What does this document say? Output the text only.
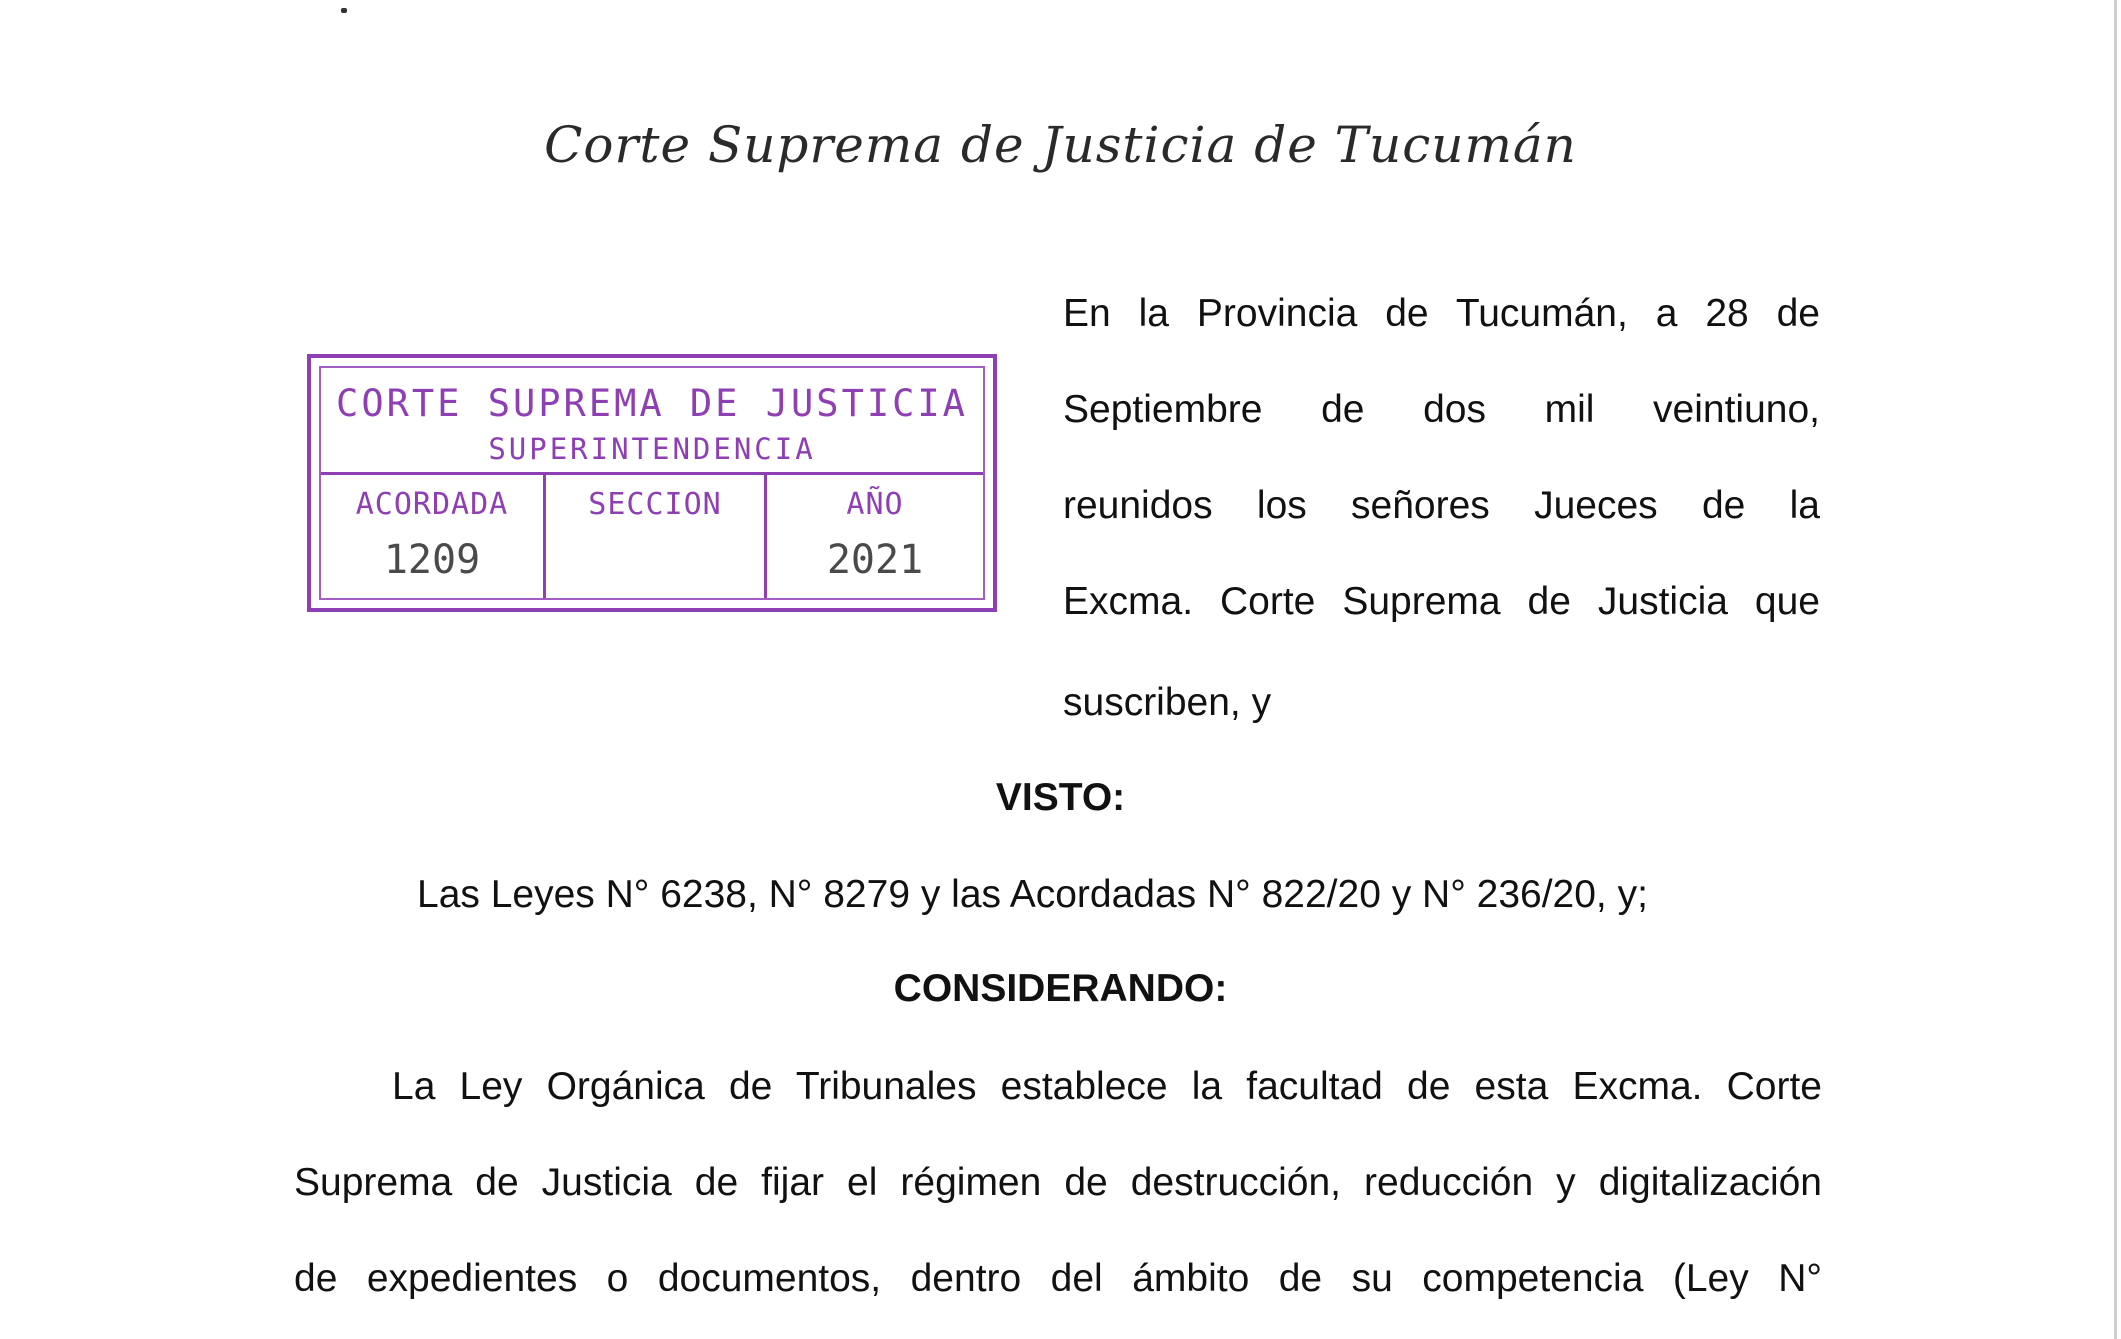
Corte Suprema de Justicia de Tucumán
CORTE SUPREMA DE JUSTICIA
SUPERINTENDENCIA
ACORDADA
1209
SECCION	AÑO
2021
En la Provincia de Tucumán, a 28 de
Septiembre de dos mil veintiuno,
reunidos los señores Jueces de la
Excma. Corte Suprema de Justicia que
suscriben, y
VISTO:
Las Leyes N° 6238, N° 8279 y las Acordadas N° 822/20 y N° 236/20, y;
CONSIDERANDO:
La Ley Orgánica de Tribunales establece la facultad de esta Excma. Corte
Suprema de Justicia de fijar el régimen de destrucción, reducción y digitalización
de expedientes o documentos, dentro del ámbito de su competencia (Ley N°
